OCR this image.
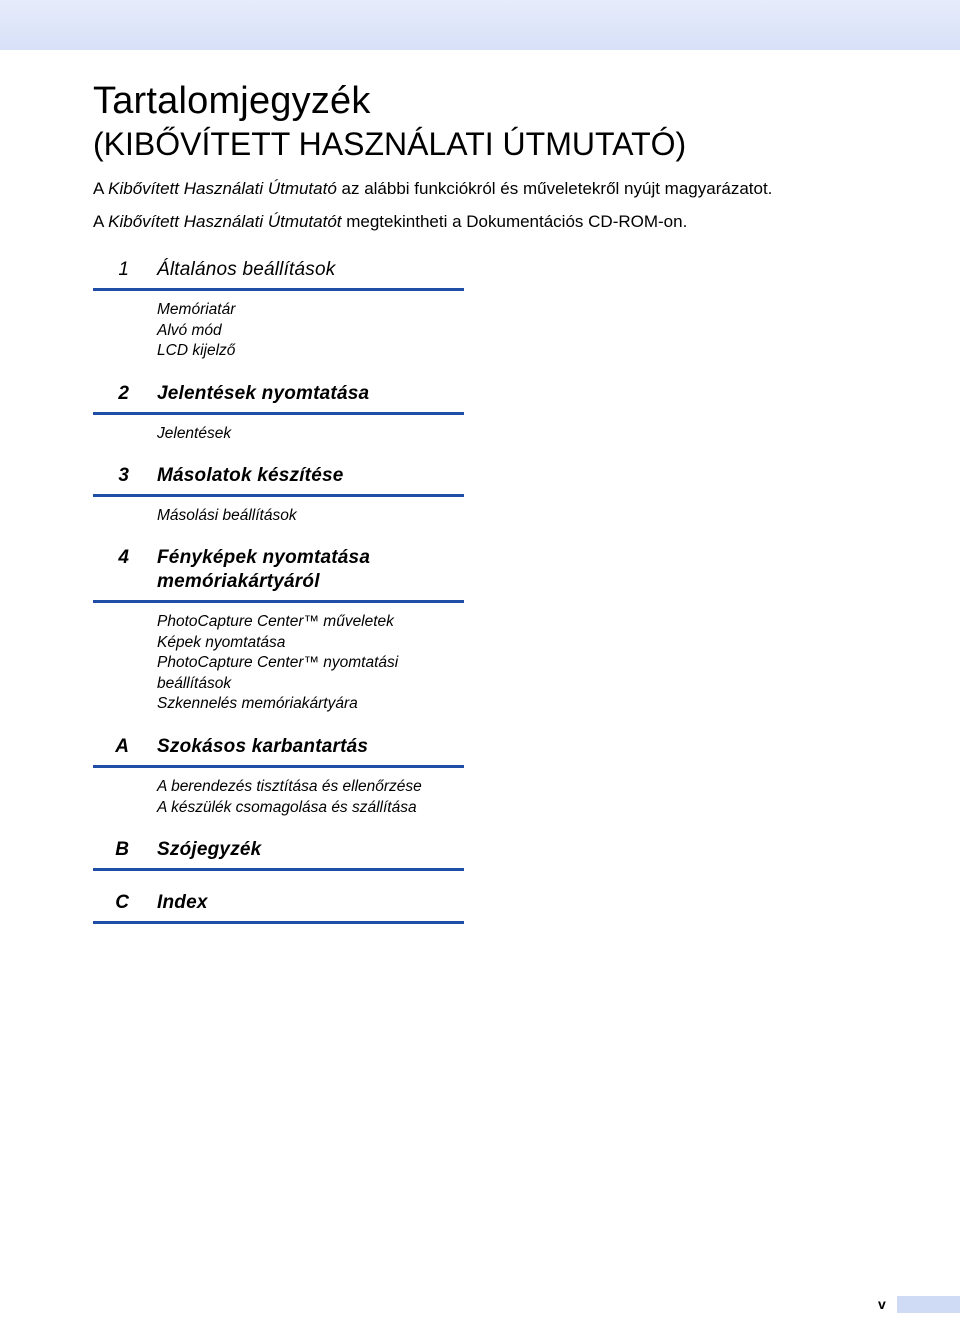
Tartalomjegyzék
(KIBŐVÍTETT HASZNÁLATI ÚTMUTATÓ)

A Kibővített Használati Útmutató az alábbi funkciókról és műveletekről nyújt magyarázatot.

A Kibővített Használati Útmutatót megtekintheti a Dokumentációs CD-ROM-on.

1 Általános beállítások
Memóriatár
Alvó mód
LCD kijelző
2 Jelentések nyomtatása
Jelentések
3 Másolatok készítése
Másolási beállítások
4 Fényképek nyomtatása memóriakártyáról
PhotoCapture Center™ műveletek
Képek nyomtatása
PhotoCapture Center™ nyomtatási beállítások
Szkennelés memóriakártyára
A Szokásos karbantartás
A berendezés tisztítása és ellenőrzése
A készülék csomagolása és szállítása
B Szójegyzék
C Index
v
